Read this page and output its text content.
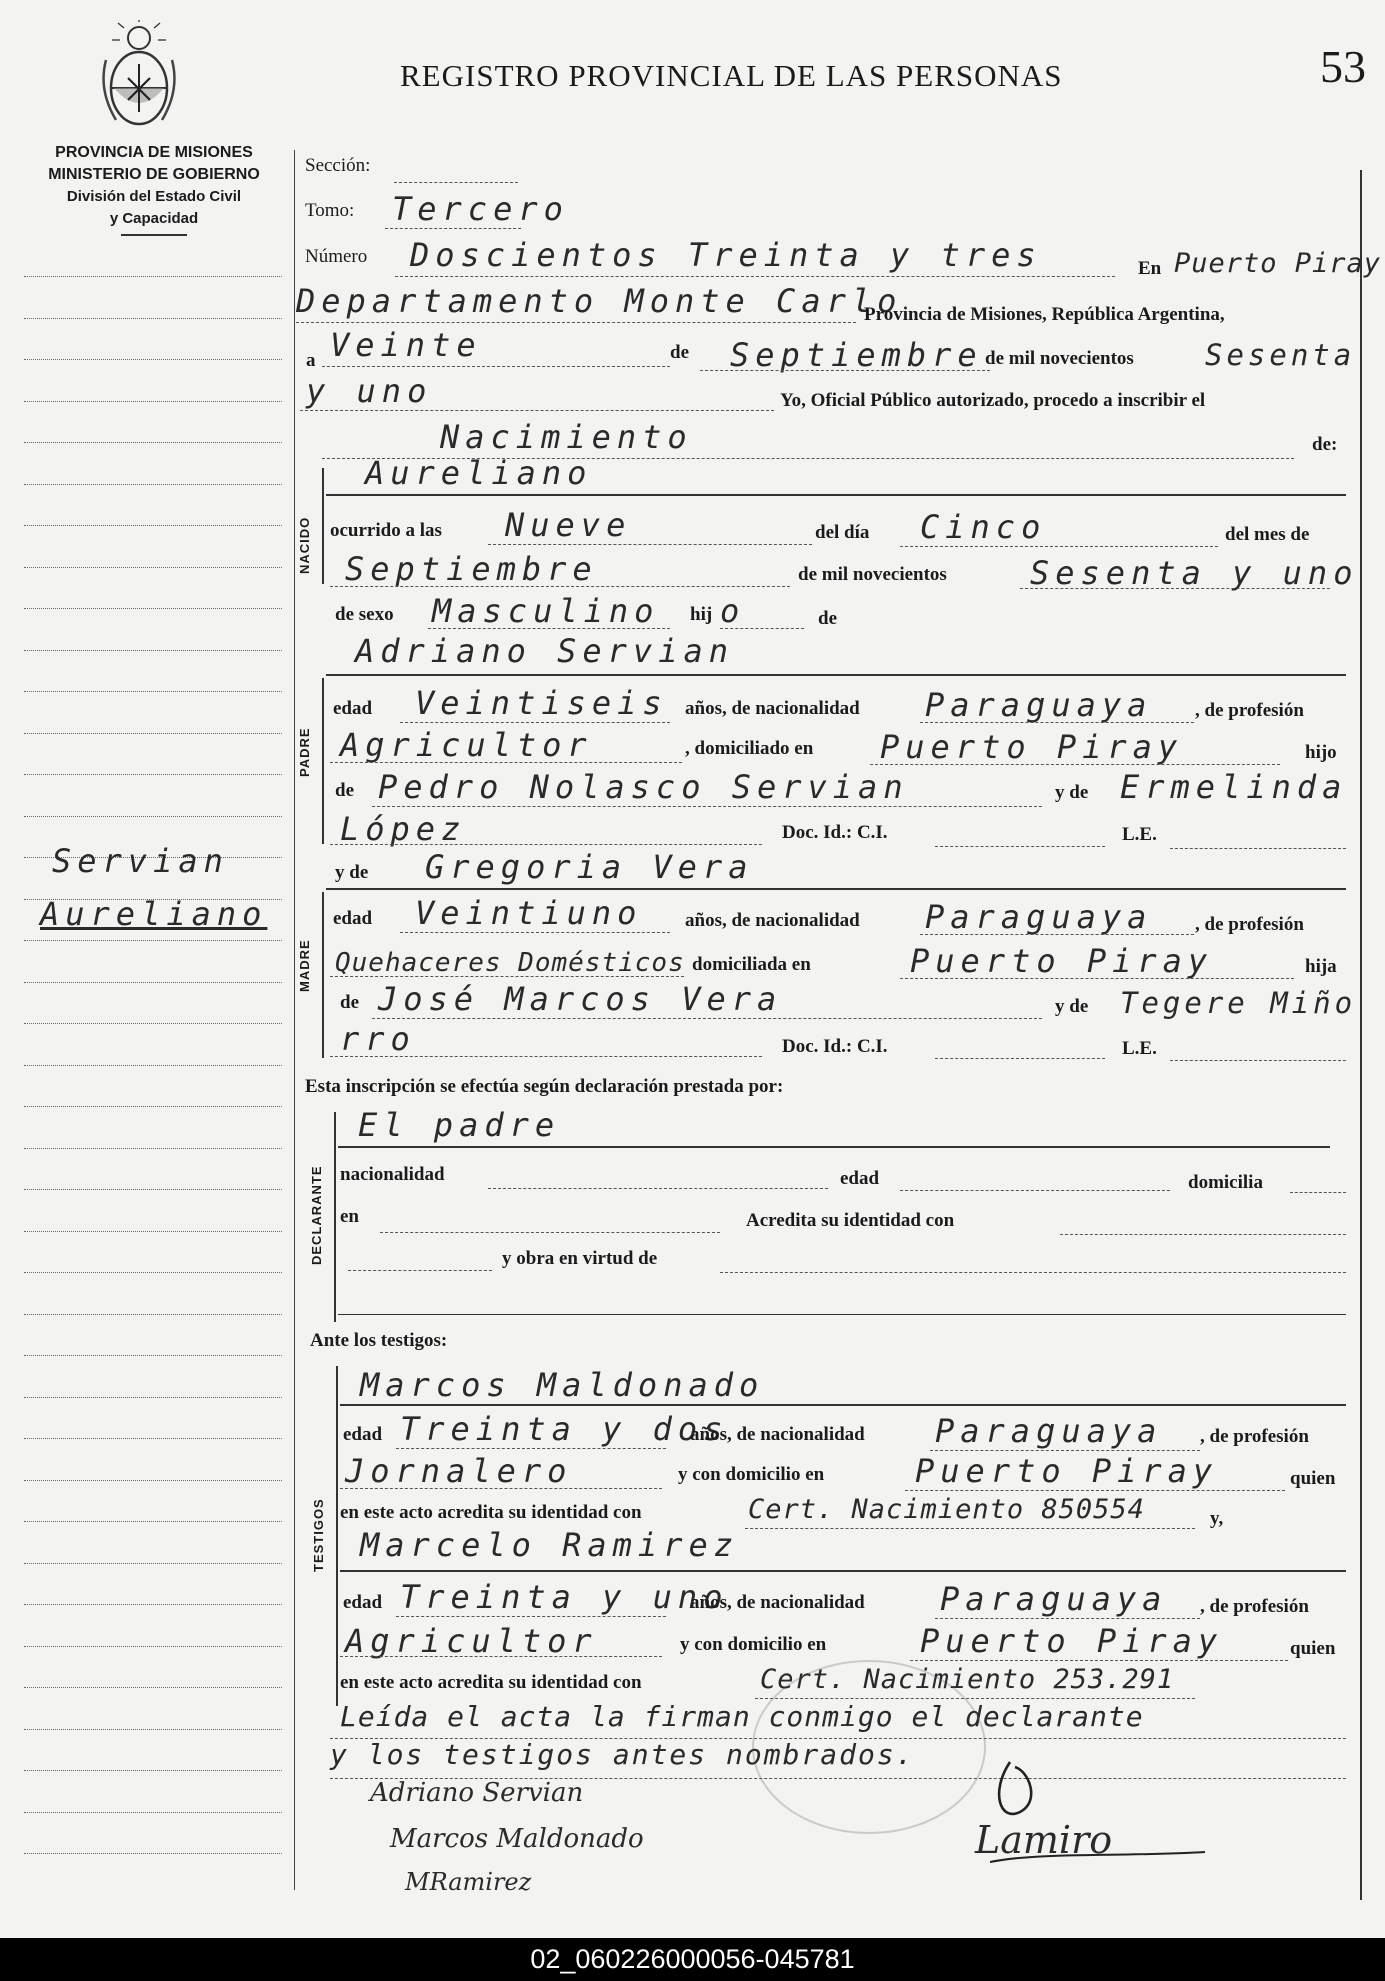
REGISTRO PROVINCIAL DE LAS PERSONAS	53
PROVINCIA DE MISIONES
MINISTERIO DE GOBIERNO
División del Estado Civil
y Capacidad
Servian
Aureliano
Sección:
Tomo: Tercero
Número Doscientos Treinta y tres	En Puerto Piray
Departamento Monte Carlo
Provincia de Misiones, República Argentina,
a Veinte	de Septiembre de mil novecientos Sesenta
y uno	Yo, Oficial Público autorizado, procedo a inscribir el
Nacimiento	de:
NACIDO
Aureliano
ocurrido a las Nueve	del día Cinco	del mes de
Septiembre	de mil novecientos	Sesenta y uno
de sexo Masculino hij o	de
Adriano Servian
PADRE
edad Veintiseis años, de nacionalidad Paraguaya , de profesión
Agricultor	, domiciliado en Puerto Piray	hijo
de Pedro Nolasco Servian	y de Ermelinda
López	Doc. Id.: C.I.	L.E.
y de Gregoria Vera
MADRE
edad Veintiuno años, de nacionalidad Paraguaya , de profesión
Quehaceres Domésticos domiciliada en	Puerto Piray	hija
de José Marcos Vera	y de Tegere Miño
rro	Doc. Id.: C.I.	L.E.
Esta inscripción se efectúa según declaración prestada por:
El padre
DECLARANTE nacionalidad	edad	domicilia
en	Acredita su identidad con
y obra en virtud de
Ante los testigos:
TESTIGOS
Marcos Maldonado
edad Treinta y dos
años, de nacionalidad Paraguaya , de profesión
Jornalero	y con domicilio en	Puerto Piray	quien
en este acto acredita su identidad con	Cert. Nacimiento 850554	y,
Marcelo Ramirez
edad Treinta y uno
años, de nacionalidad Paraguaya , de profesión
Agricultor	y con domicilio en	Puerto Piray	quien
en este acto acredita su identidad con	Cert. Nacimiento 253.291
Leída el acta la firman conmigo el declarante
y los testigos antes nombrados.
Adriano Servian
Marcos Maldonado
MRamirez
Lamiro
02_060226000056-045781
